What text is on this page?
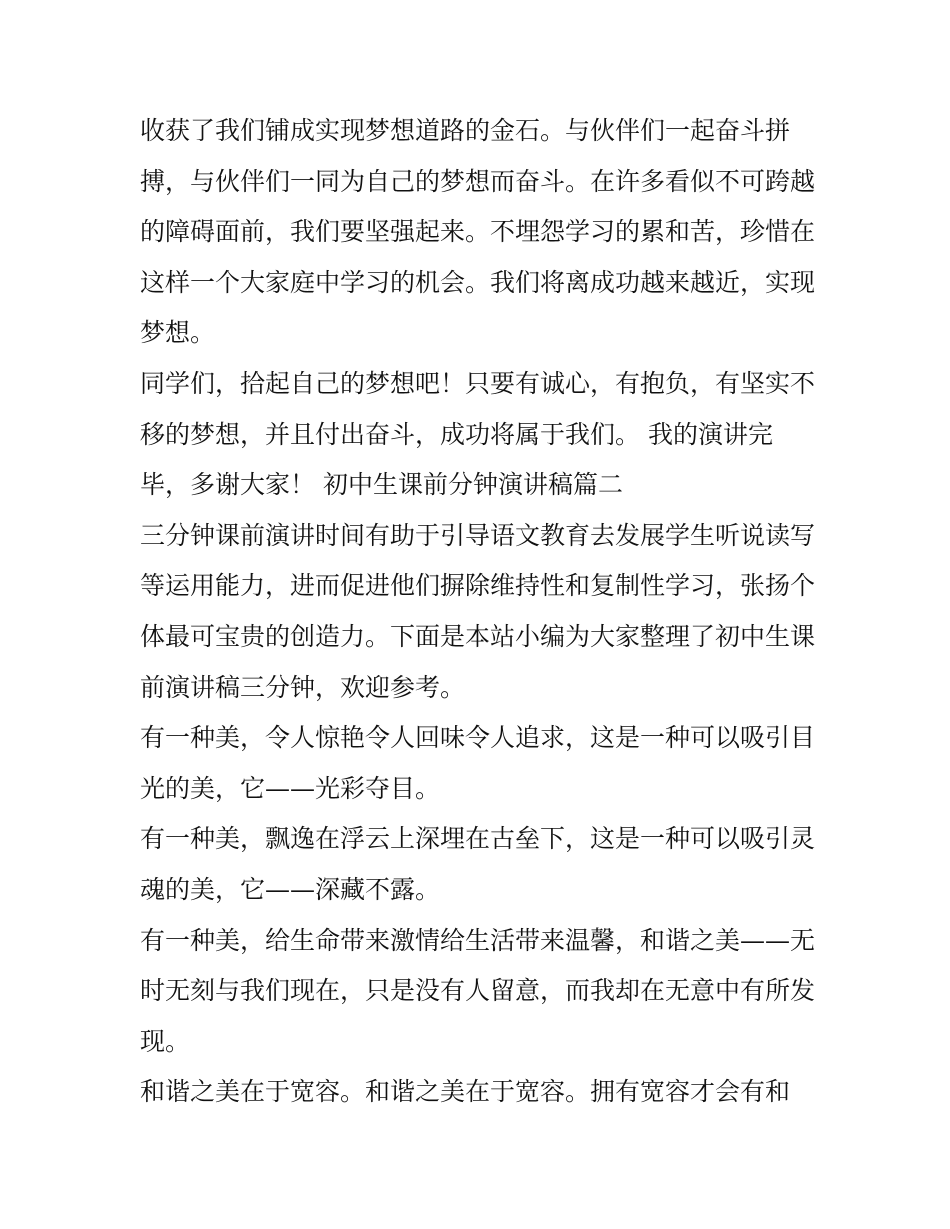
收获了我们铺成实现梦想道路的金石。与伙伴们一起奋斗拼

搏，与伙伴们一同为自己的梦想而奋斗。在许多看似不可跨越

的障碍面前，我们要坚强起来。不埋怨学习的累和苦，珍惜在

这样一个大家庭中学习的机会。我们将离成功越来越近，实现

梦想。

同学们，拾起自己的梦想吧！只要有诚心，有抱负，有坚实不

移的梦想，并且付出奋斗，成功将属于我们。 我的演讲完

毕，多谢大家！ 初中生课前分钟演讲稿篇二

三分钟课前演讲时间有助于引导语文教育去发展学生听说读写

等运用能力，进而促进他们摒除维持性和复制性学习，张扬个

体最可宝贵的创造力。下面是本站小编为大家整理了初中生课

前演讲稿三分钟，欢迎参考。

有一种美，令人惊艳令人回味令人追求，这是一种可以吸引目

光的美，它——光彩夺目。

有一种美，飘逸在浮云上深埋在古垒下，这是一种可以吸引灵

魂的美，它——深藏不露。

有一种美，给生命带来激情给生活带来温馨，和谐之美——无

时无刻与我们现在，只是没有人留意，而我却在无意中有所发

现。

和谐之美在于宽容。和谐之美在于宽容。拥有宽容才会有和
